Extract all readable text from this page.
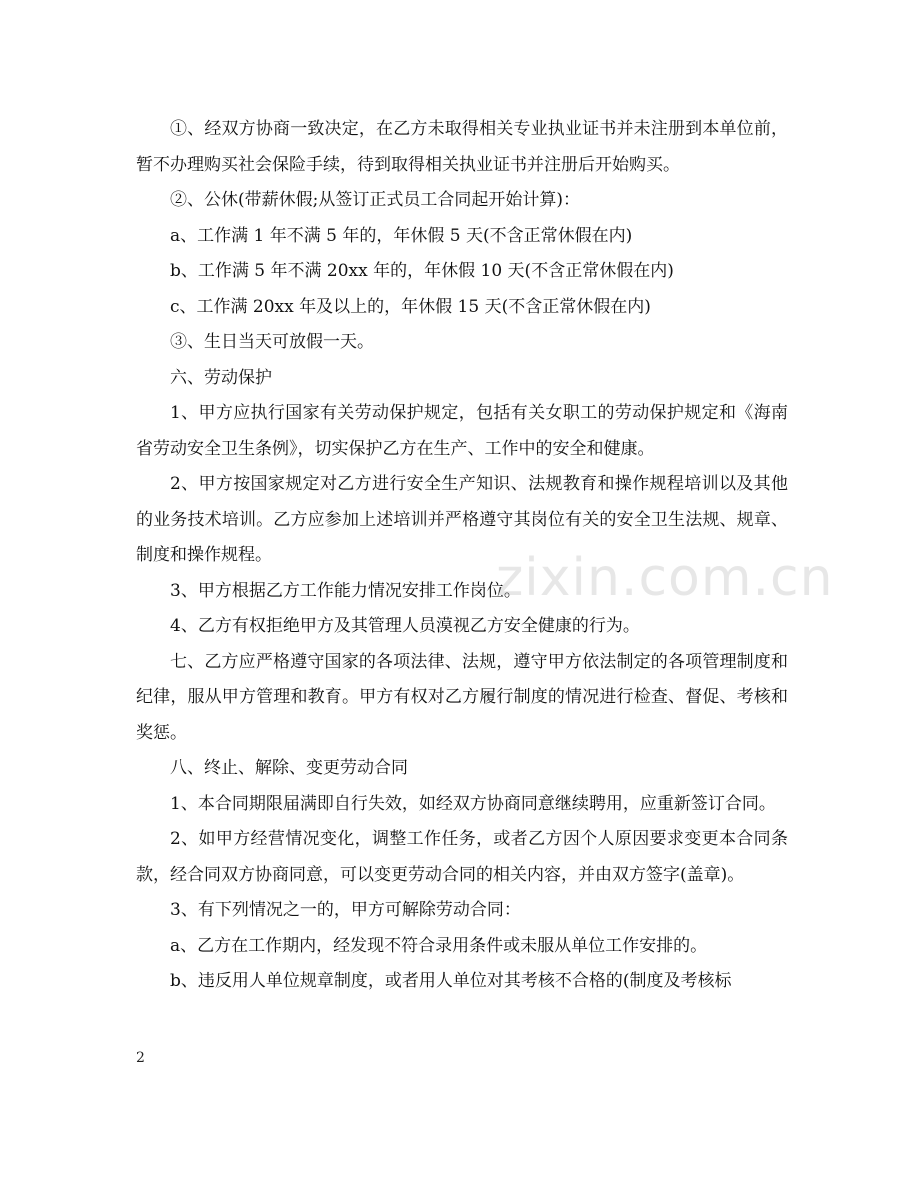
①、经双方协商一致决定，在乙方未取得相关专业执业证书并未注册到本单位前，暂不办理购买社会保险手续，待到取得相关执业证书并注册后开始购买。

②、公休(带薪休假;从签订正式员工合同起开始计算)：

a、工作满 1 年不满 5 年的，年休假 5 天(不含正常休假在内)

b、工作满 5 年不满 20xx 年的，年休假 10 天(不含正常休假在内)

c、工作满 20xx 年及以上的，年休假 15 天(不含正常休假在内)

③、生日当天可放假一天。

六、劳动保护

1、甲方应执行国家有关劳动保护规定，包括有关女职工的劳动保护规定和《海南省劳动安全卫生条例》，切实保护乙方在生产、工作中的安全和健康。

2、甲方按国家规定对乙方进行安全生产知识、法规教育和操作规程培训以及其他的业务技术培训。乙方应参加上述培训并严格遵守其岗位有关的安全卫生法规、规章、制度和操作规程。

3、甲方根据乙方工作能力情况安排工作岗位。

4、乙方有权拒绝甲方及其管理人员漠视乙方安全健康的行为。

七、乙方应严格遵守国家的各项法律、法规，遵守甲方依法制定的各项管理制度和纪律，服从甲方管理和教育。甲方有权对乙方履行制度的情况进行检查、督促、考核和奖惩。

八、终止、解除、变更劳动合同

1、本合同期限届满即自行失效，如经双方协商同意继续聘用，应重新签订合同。

2、如甲方经营情况变化，调整工作任务，或者乙方因个人原因要求变更本合同条款，经合同双方协商同意，可以变更劳动合同的相关内容，并由双方签字(盖章)。

3、有下列情况之一的，甲方可解除劳动合同：

a、乙方在工作期内，经发现不符合录用条件或未服从单位工作安排的。

b、违反用人单位规章制度，或者用人单位对其考核不合格的(制度及考核标

zixin.com.cn
2
